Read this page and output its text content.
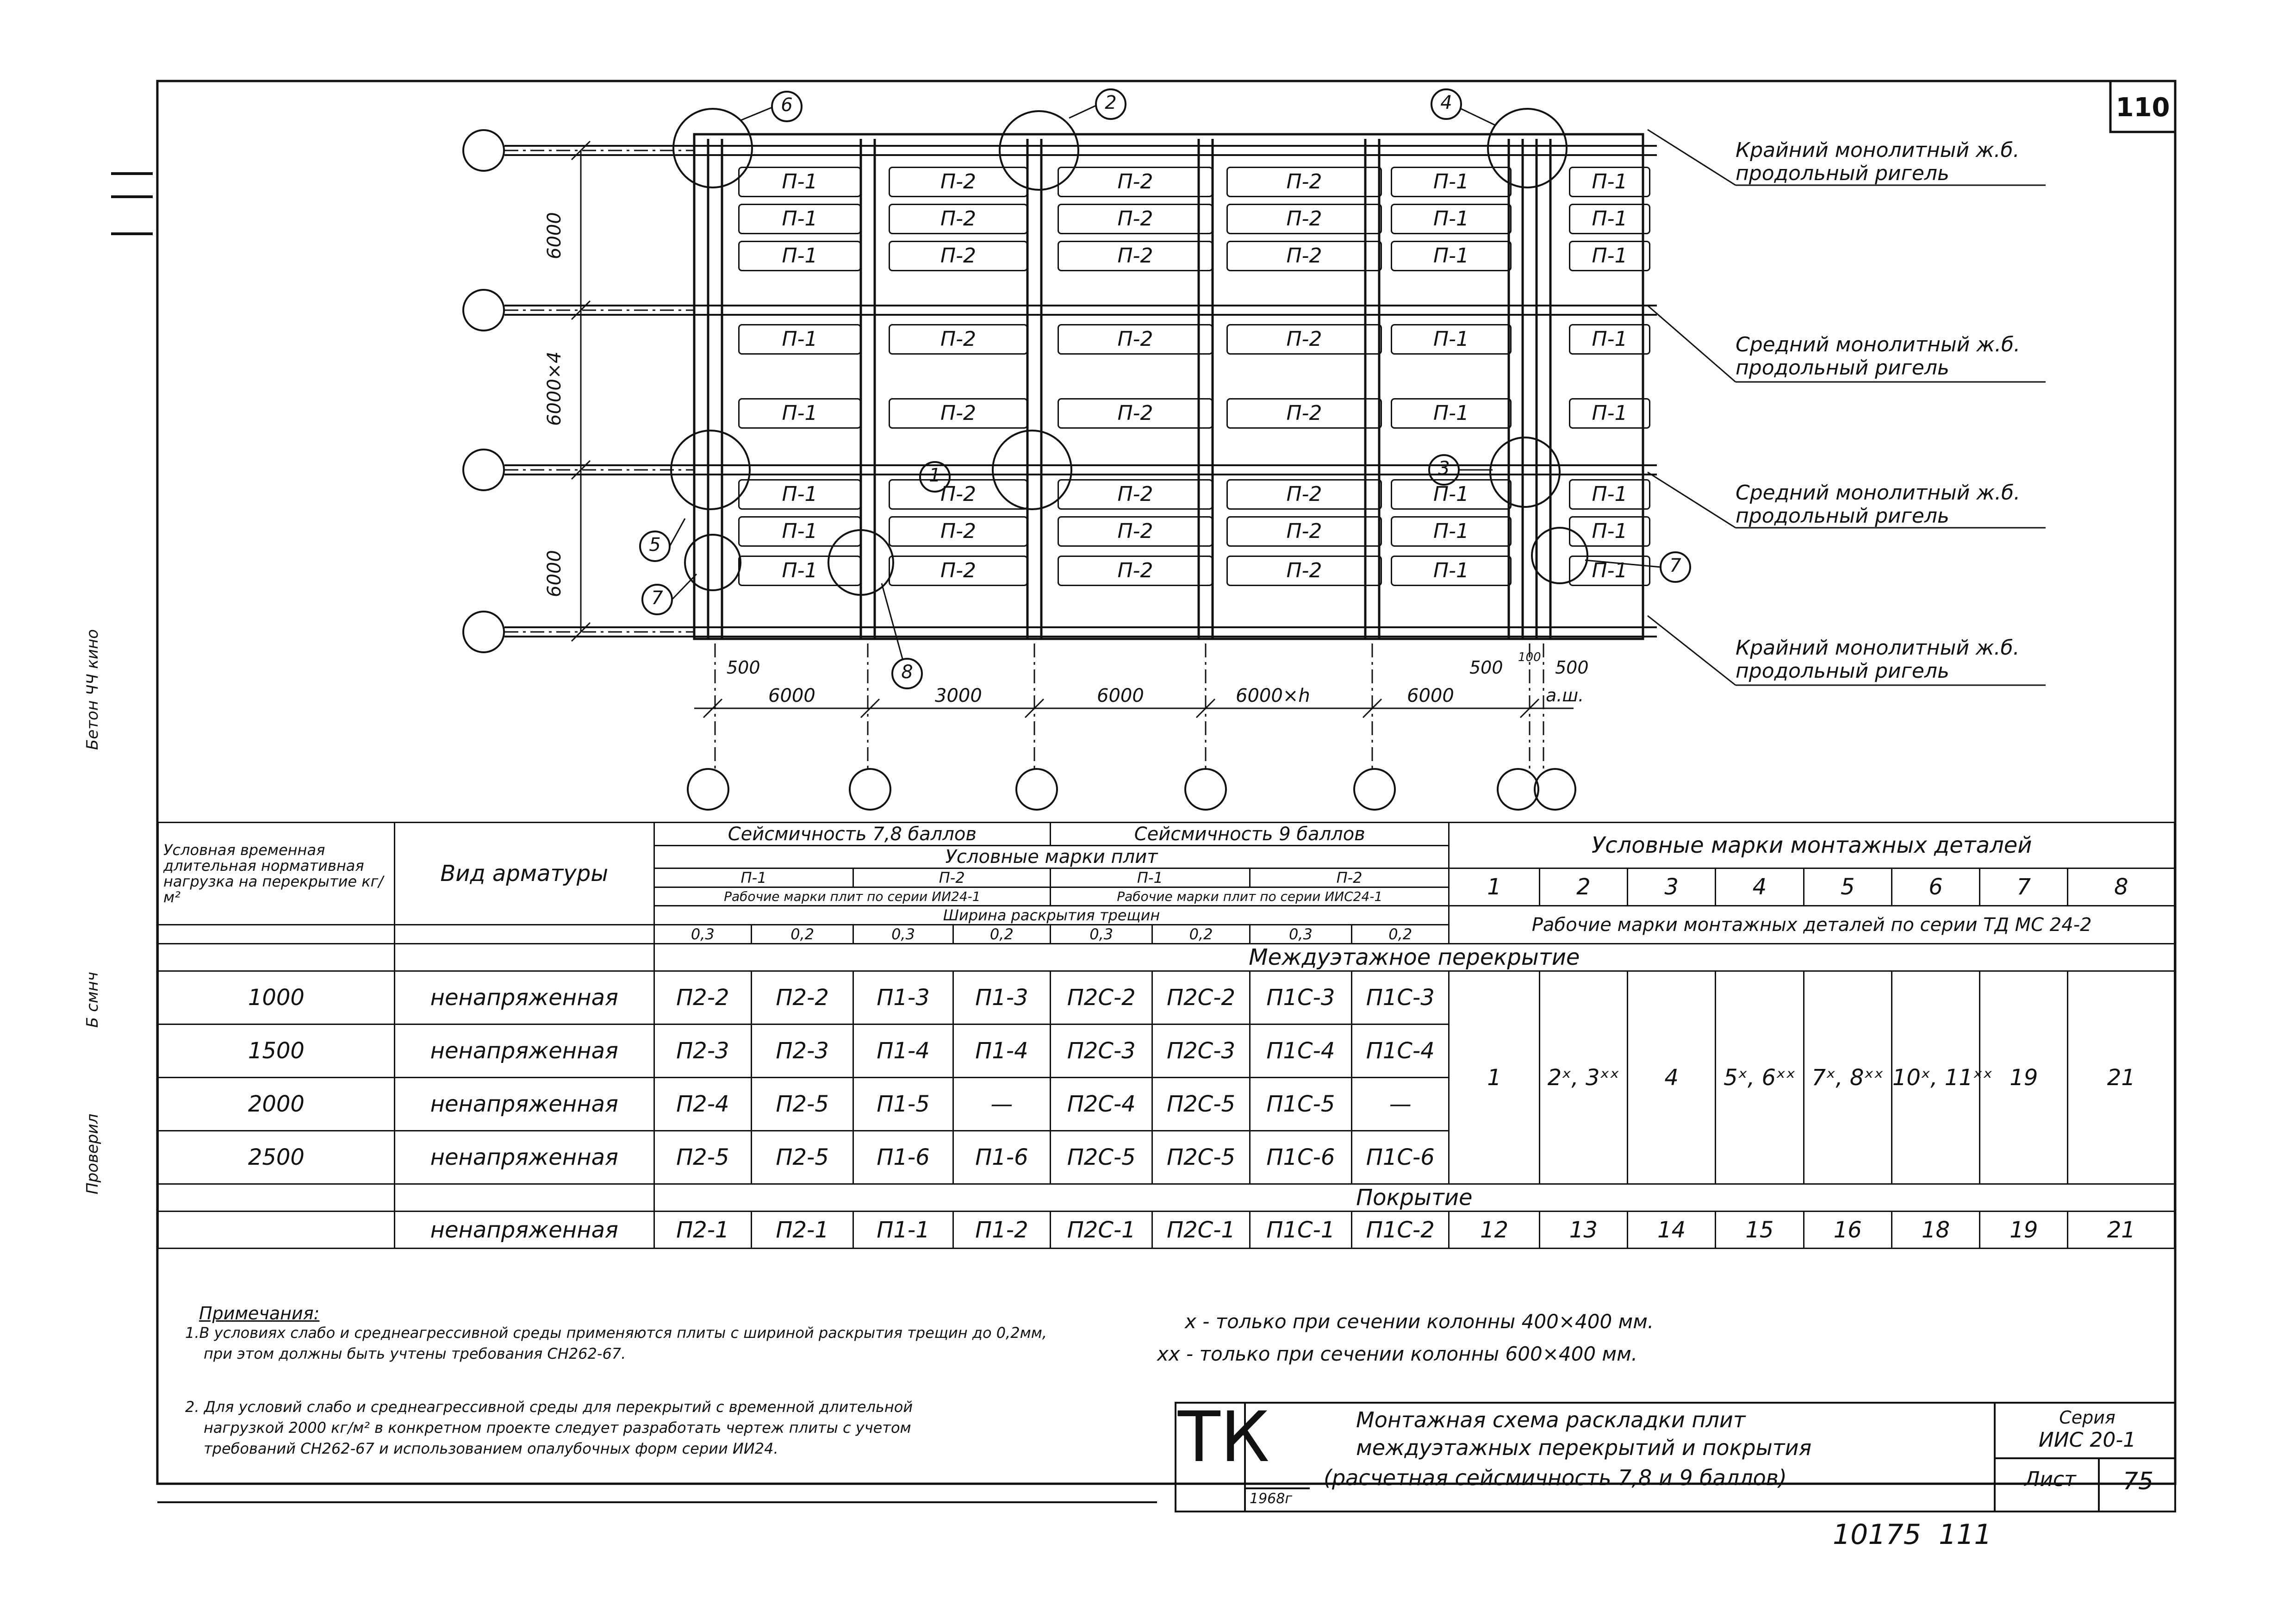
110
П-1	П-2	П-2	П-2	П-1	П-1
П-1	П-2	П-2	П-2	П-1	П-1
П-1	П-2	П-2	П-2	П-1	П-1
П-1	П-2	П-2	П-2	П-1	П-1
П-1	П-2	П-2	П-2	П-1	П-1
П-1	П-2	П-2	П-2	П-1	П-1
П-1	П-2	П-2	П-2	П-1	П-1
П-1	П-2	П-2	П-2	П-1	П-1
6	2	4
1	3
5
7
8
7
6000
6000×4
6000
500
6000	3000	6000	6000×h	6000
500 100 500
а.ш.
Крайний монолитный ж.б. продольный ригель
Средний монолитный ж.б. продольный ригель
Средний монолитный ж.б. продольный ригель
Крайний монолитный ж.б. продольный ригель
Бетон ЧЧ кино
Б смнч
Проверил
Условная временная длительная нормативная нагрузка на перекрытие кг/м²	Вид арматуры	Сейсмичность 7,8 баллов				Сейсмичность 9 баллов				Условные марки монтажных деталей							
		Условные марки плит															
		П-1		П-2		П-1		П-2		1	2	3	4	5	6	7	8
		Рабочие марки плит по серии ИИ24-1				Рабочие марки плит по серии ИИС24-1											
		Ширина раскрытия трещин								Рабочие марки монтажных деталей по серии ТД МС 24-2							
		0,3	0,2	0,3	0,2	0,3	0,2	0,3	0,2								
		Междуэтажное перекрытие															
1000	ненапряженная	П2-2	П2-2	П1-3	П1-3	П2С-2	П2С-2	П1С-3	П1С-3	1	2ˣ, 3ˣˣ	4	5ˣ, 6ˣˣ	7ˣ, 8ˣˣ	10ˣ, 11ˣˣ	19	21
1500	ненапряженная	П2-3	П2-3	П1-4	П1-4	П2С-3	П2С-3	П1С-4	П1С-4								
2000	ненапряженная	П2-4	П2-5	П1-5	—	П2С-4	П2С-5	П1С-5	—								
2500	ненапряженная	П2-5	П2-5	П1-6	П1-6	П2С-5	П2С-5	П1С-6	П1С-6								
		Покрытие															
	ненапряженная	П2-1	П2-1	П1-1	П1-2	П2С-1	П2С-1	П1С-1	П1С-2	12	13	14	15	16	18	19	21
Примечания:
1.В условиях слабо и среднеагрессивной среды применяются плиты с шириной раскрытия трещин до 0,2мм,
при этом должны быть учтены требования СН262-67.
2. Для условий слабо и среднеагрессивной среды для перекрытий с временной длительной
нагрузкой 2000 кг/м² в конкретном проекте следует разработать чертеж плиты с учетом
требований СН262-67 и использованием опалубочных форм серии ИИ24.
х - только при сечении колонны 400×400 мм.
хх - только при сечении колонны 600×400 мм.
ТК
1968г
Монтажная схема раскладки плит
междуэтажных перекрытий и покрытия
(расчетная сейсмичность 7,8 и 9 баллов)
Серия
ИИС 20-1
Лист	75
10175  111
